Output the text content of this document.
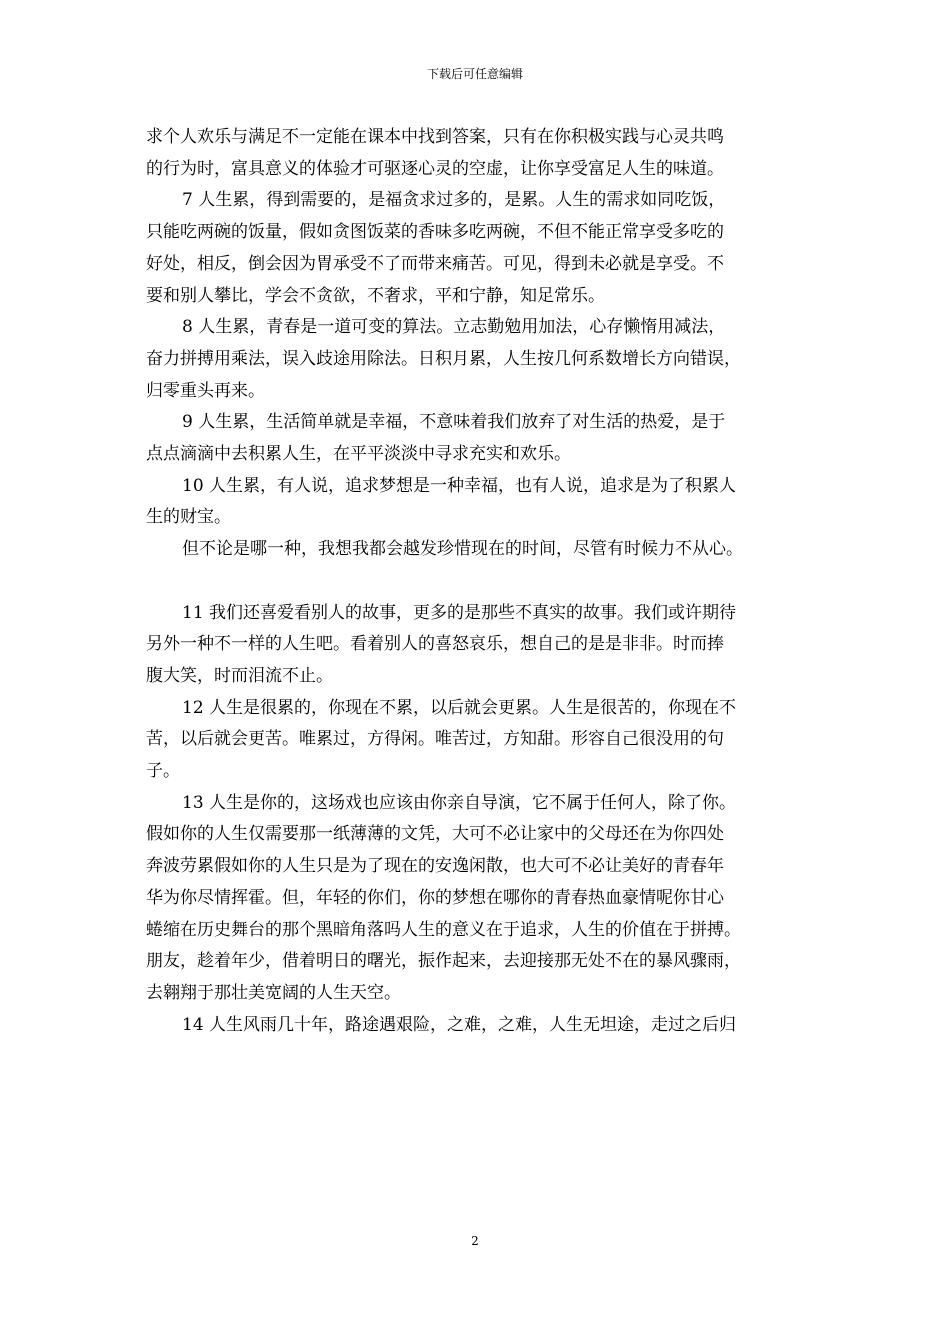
下载后可任意编辑
求个人欢乐与满足不一定能在课本中找到答案，只有在你积极实践与心灵共鸣
的行为时，富具意义的体验才可驱逐心灵的空虚，让你享受富足人生的味道。
7 人生累，得到需要的，是福贪求过多的，是累。人生的需求如同吃饭，
只能吃两碗的饭量，假如贪图饭菜的香味多吃两碗，不但不能正常享受多吃的
好处，相反，倒会因为胃承受不了而带来痛苦。可见，得到未必就是享受。不
要和别人攀比，学会不贪欲，不奢求，平和宁静，知足常乐。
8 人生累，青春是一道可变的算法。立志勤勉用加法，心存懒惰用减法，
奋力拼搏用乘法，误入歧途用除法。日积月累，人生按几何系数增长方向错误，
归零重头再来。
9 人生累，生活简单就是幸福，不意味着我们放弃了对生活的热爱，是于
点点滴滴中去积累人生，在平平淡淡中寻求充实和欢乐。
10 人生累，有人说，追求梦想是一种幸福，也有人说，追求是为了积累人
生的财宝。
但不论是哪一种，我想我都会越发珍惜现在的时间，尽管有时候力不从心。
11 我们还喜爱看别人的故事，更多的是那些不真实的故事。我们或许期待
另外一种不一样的人生吧。看着别人的喜怒哀乐，想自己的是是非非。时而捧
腹大笑，时而泪流不止。
12 人生是很累的，你现在不累，以后就会更累。人生是很苦的，你现在不
苦，以后就会更苦。唯累过，方得闲。唯苦过，方知甜。形容自己很没用的句
子。
13 人生是你的，这场戏也应该由你亲自导演，它不属于任何人，除了你。
假如你的人生仅需要那一纸薄薄的文凭，大可不必让家中的父母还在为你四处
奔波劳累假如你的人生只是为了现在的安逸闲散，也大可不必让美好的青春年
华为你尽情挥霍。但，年轻的你们，你的梦想在哪你的青春热血豪情呢你甘心
蜷缩在历史舞台的那个黑暗角落吗人生的意义在于追求，人生的价值在于拼搏。
朋友，趁着年少，借着明日的曙光，振作起来，去迎接那无处不在的暴风骤雨，
去翱翔于那壮美宽阔的人生天空。
14 人生风雨几十年，路途遇艰险，之难，之难，人生无坦途，走过之后归
2
